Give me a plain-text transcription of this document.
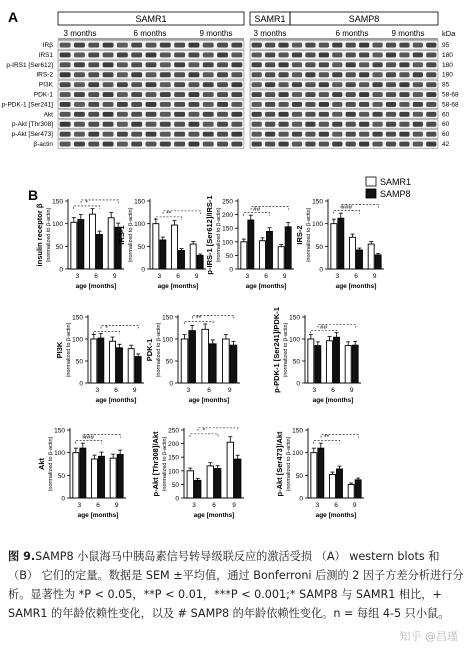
A	SAMR1	SAMR1	SAMP8
3 months	6 months	9 months	3 months	6 months	9 months kDa
IRβ	95
IRS1	180
p-IRS1 [Ser612]	180
IRS-2	180
PI3K	85
PDK-1	58-68
p-PDK-1 [Ser241]	58-68
Akt	60
p-Akt [Thr308]	60
p-Akt [Ser473]	60
β-actin	42
B
SAMR1
SAMP8
0
50
100
150
insulin receptor β (normalized to β-actin)
3 6 9
*
age [months]
0
50
100
150
IRS-1 (normalized to β-actin)
3 6 9
**
age [months]
0
50
100
150
200
250
p-IRS-1 [Ser612]/IRS-1 (normalized to β-actin)
3 6 9
##
age [months]
0
50
100
150
IRS-2 (normalized to β-actin)
3 6 9
###
age [months]
0
50
100
150
PI3K (normalized to β-actin)
3 6 9
*
age [months]
0
50
100
150
PDK-1 (normalized to β-actin)
3	6	9
**
age [months]
0
50
100
150
p-PDK-1 [Ser241]/PDK-1 (normalized to β-actin)
3 6 9
##
age [months]
0
50
100
150
Akt (normalized to β-actin)
3 6 9
###
age [months]
0
50
100
150
200
250
p-Akt [Thr308]/Akt (normalized to β-actin)
3	6	9
*
age [months]
0
50
100
150
p-Akt [Ser473]/Akt (normalized to β-actin)
3 6 9
**
age [months]
图 9.SAMP8 小鼠海马中胰岛素信号转导级联反应的激活受损 （A） western blots 和 （B） 它们的定量。数据是 SEM ±平均值，通过 Bonferroni 后测的 2 因子方差分析进行分析。显著性为 *P < 0.05，**P < 0.01，***P < 0.001;* SAMP8 与 SAMR1 相比，+ SAMR1 的年龄依赖性变化，以及 # SAMP8 的年龄依赖性变化。n = 每组 4-5 只小鼠。
知乎 @昌瑾
